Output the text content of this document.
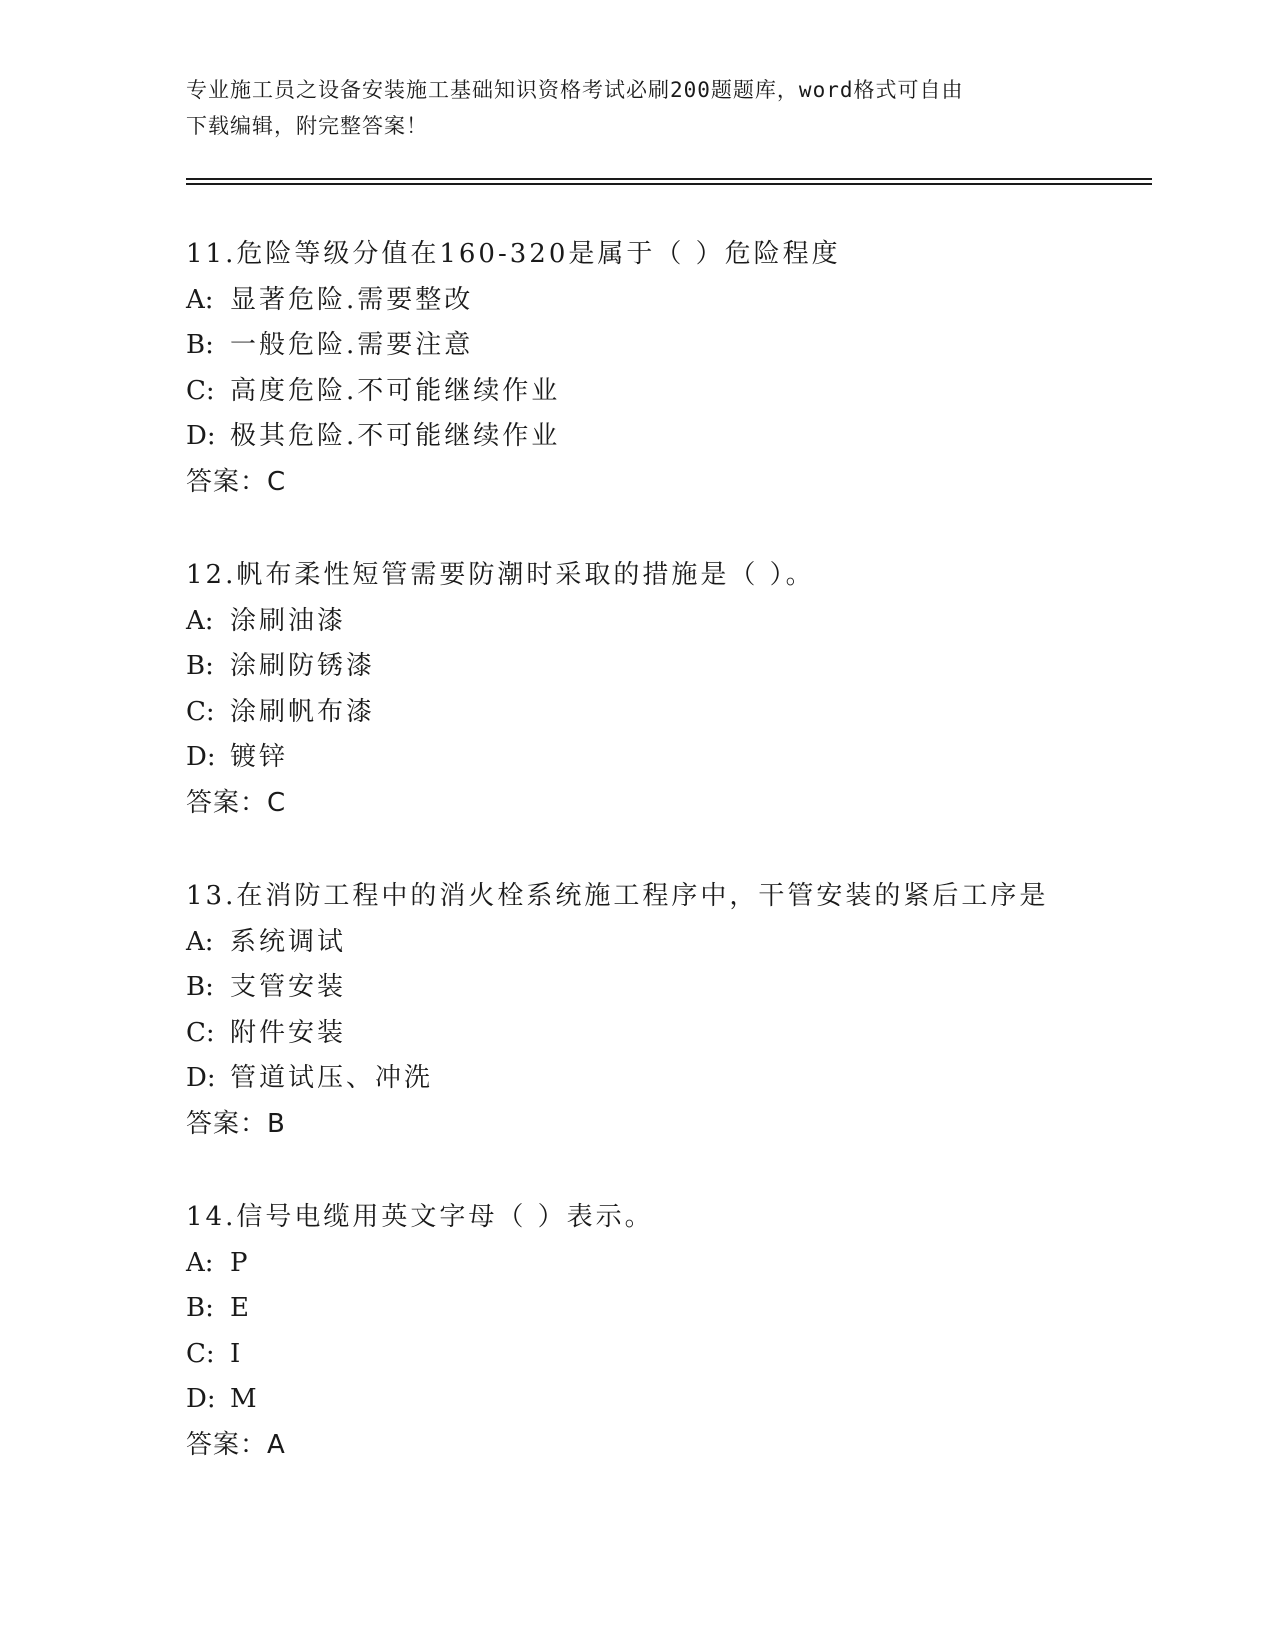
专业施工员之设备安装施工基础知识资格考试必刷200题题库，word格式可自由
下载编辑，附完整答案！
11.危险等级分值在160-320是属于（ ）危险程度
A: 显著危险.需要整改
B: 一般危险.需要注意
C: 高度危险.不可能继续作业
D: 极其危险.不可能继续作业
答案：C
12.帆布柔性短管需要防潮时采取的措施是（ ）。
A: 涂刷油漆
B: 涂刷防锈漆
C: 涂刷帆布漆
D: 镀锌
答案：C
13.在消防工程中的消火栓系统施工程序中，干管安装的紧后工序是
A: 系统调试
B: 支管安装
C: 附件安装
D: 管道试压、冲洗
答案：B
14.信号电缆用英文字母（ ）表示。
A: P
B: E
C: I
D: M
答案：A
